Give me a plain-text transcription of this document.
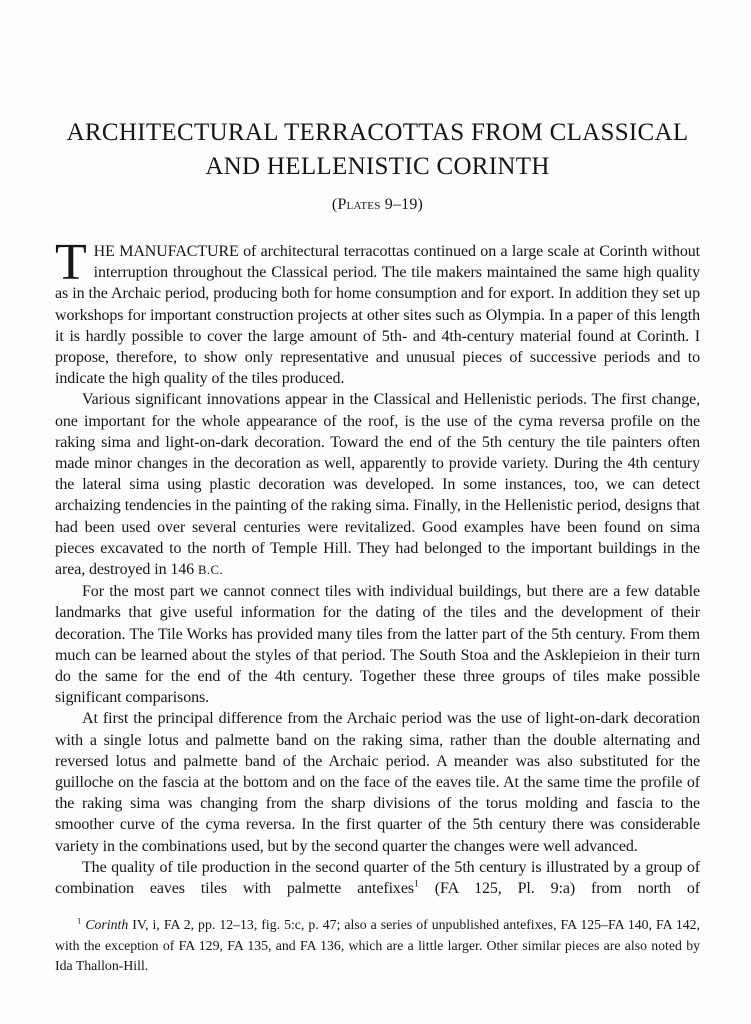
ARCHITECTURAL TERRACOTTAS FROM CLASSICAL
AND HELLENISTIC CORINTH
(Plates 9–19)

THE MANUFACTURE of architectural terracottas continued on a large scale at Corinth without interruption throughout the Classical period. The tile makers maintained the same high quality as in the Archaic period, producing both for home consumption and for export. In addition they set up workshops for important construction projects at other sites such as Olympia. In a paper of this length it is hardly possible to cover the large amount of 5th- and 4th-century material found at Corinth. I propose, therefore, to show only representative and unusual pieces of successive periods and to indicate the high quality of the tiles produced.

Various significant innovations appear in the Classical and Hellenistic periods. The first change, one important for the whole appearance of the roof, is the use of the cyma reversa profile on the raking sima and light-on-dark decoration. Toward the end of the 5th century the tile painters often made minor changes in the decoration as well, apparently to provide variety. During the 4th century the lateral sima using plastic decoration was developed. In some instances, too, we can detect archaizing tendencies in the painting of the raking sima. Finally, in the Hellenistic period, designs that had been used over several centuries were revitalized. Good examples have been found on sima pieces excavated to the north of Temple Hill. They had belonged to the important buildings in the area, destroyed in 146 B.C.

For the most part we cannot connect tiles with individual buildings, but there are a few datable landmarks that give useful information for the dating of the tiles and the development of their decoration. The Tile Works has provided many tiles from the latter part of the 5th century. From them much can be learned about the styles of that period. The South Stoa and the Asklepieion in their turn do the same for the end of the 4th century. Together these three groups of tiles make possible significant comparisons.

At first the principal difference from the Archaic period was the use of light-on-dark decoration with a single lotus and palmette band on the raking sima, rather than the double alternating and reversed lotus and palmette band of the Archaic period. A meander was also substituted for the guilloche on the fascia at the bottom and on the face of the eaves tile. At the same time the profile of the raking sima was changing from the sharp divisions of the torus molding and fascia to the smoother curve of the cyma reversa. In the first quarter of the 5th century there was considerable variety in the combinations used, but by the second quarter the changes were well advanced.

The quality of tile production in the second quarter of the 5th century is illustrated by a group of combination eaves tiles with palmette antefixes$^1$ (FA 125, Pl. 9:a) from north of

$^1$ Corinth IV, i, FA 2, pp. 12–13, fig. 5:c, p. 47; also a series of unpublished antefixes, FA 125–FA 140, FA 142, with the exception of FA 129, FA 135, and FA 136, which are a little larger. Other similar pieces are also noted by Ida Thallon-Hill.
